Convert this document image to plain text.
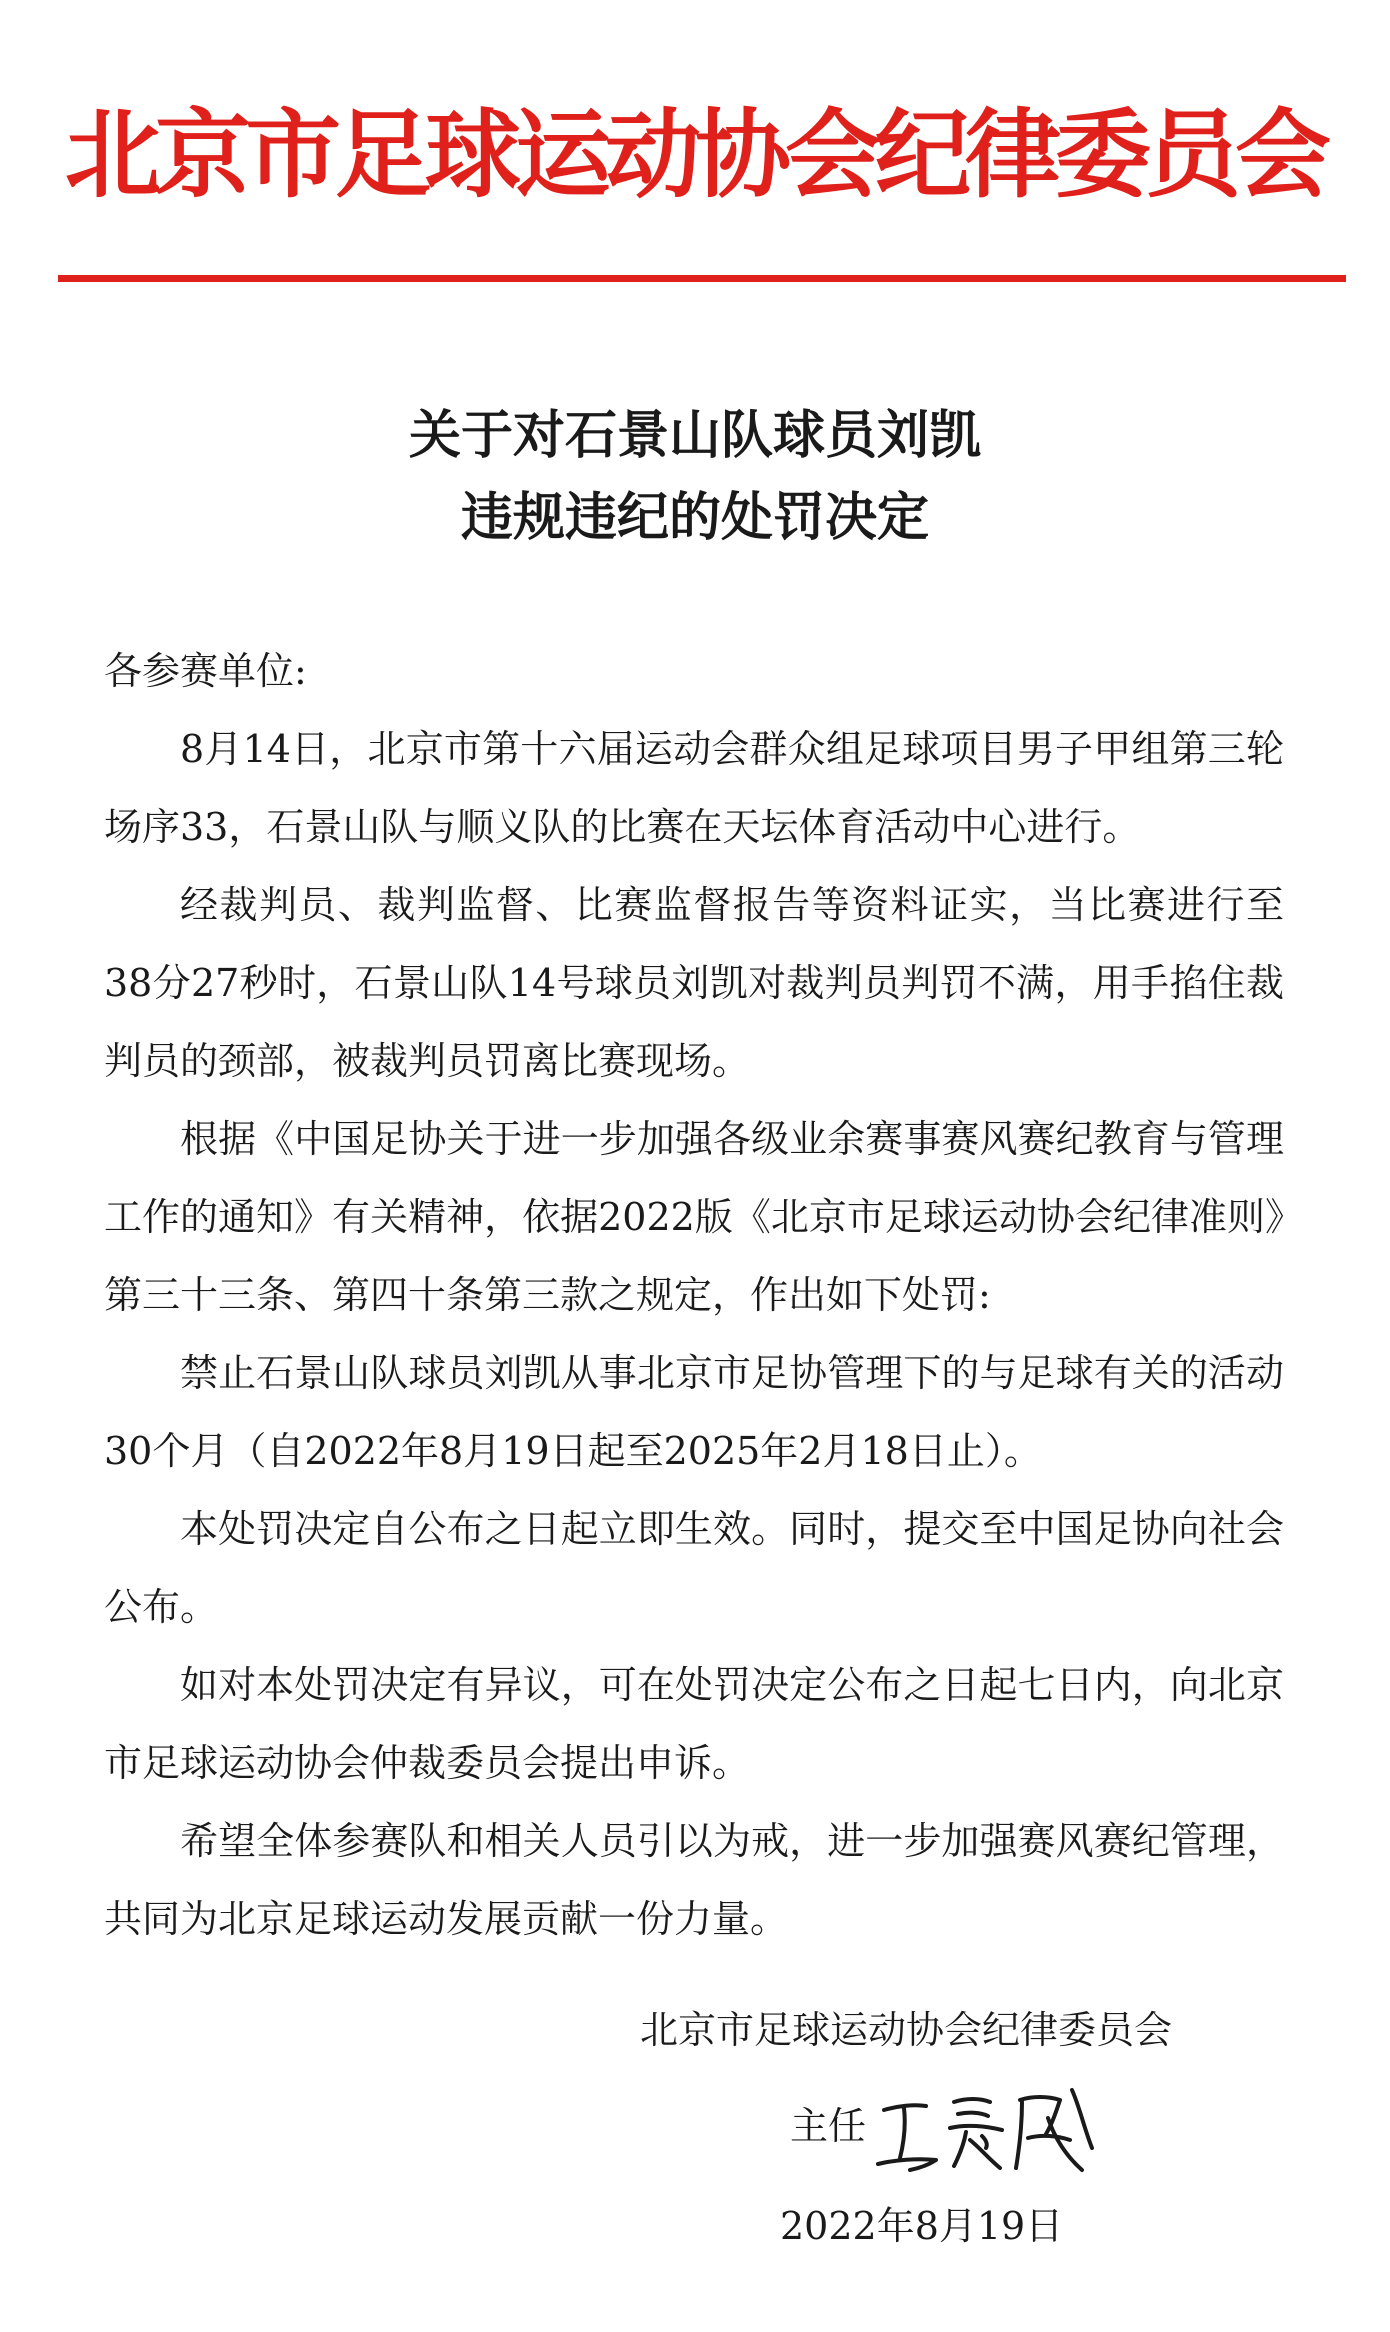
北京市足球运动协会纪律委员会
关于对石景山队球员刘凯
违规违纪的处罚决定

各参赛单位:

8月14日，北京市第十六届运动会群众组足球项目男子甲组第三轮场序33，石景山队与顺义队的比赛在天坛体育活动中心进行。

经裁判员、裁判监督、比赛监督报告等资料证实，当比赛进行至38分27秒时，石景山队14号球员刘凯对裁判员判罚不满，用手掐住裁判员的颈部，被裁判员罚离比赛现场。

根据《中国足协关于进一步加强各级业余赛事赛风赛纪教育与管理工作的通知》有关精神，依据2022版《北京市足球运动协会纪律准则》第三十三条、第四十条第三款之规定，作出如下处罚:

禁止石景山队球员刘凯从事北京市足协管理下的与足球有关的活动30个月（自2022年8月19日起至2025年2月18日止）。

本处罚决定自公布之日起立即生效。同时，提交至中国足协向社会公布。

如对本处罚决定有异议，可在处罚决定公布之日起七日内，向北京市足球运动协会仲裁委员会提出申诉。

希望全体参赛队和相关人员引以为戒，进一步加强赛风赛纪管理，共同为北京足球运动发展贡献一份力量。

北京市足球运动协会纪律委员会
主任
2022年8月19日
